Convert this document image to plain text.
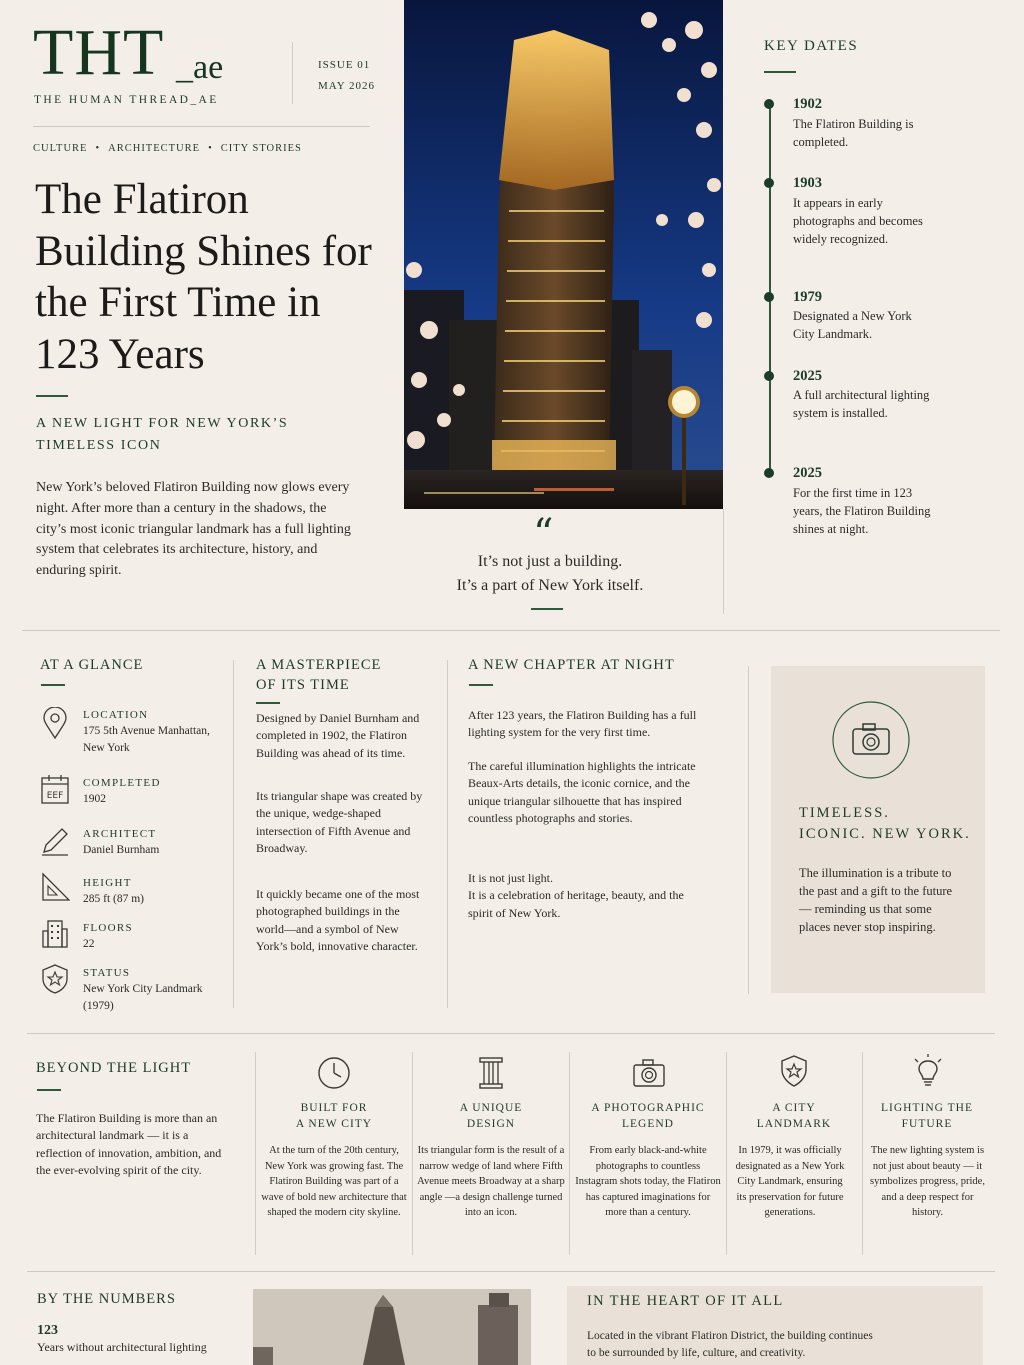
THT _ae
THE HUMAN THREAD_AE
ISSUE 01
MAY 2026
CULTURE • ARCHITECTURE • CITY STORIES
The Flatiron Building Shines for the First Time in 123 Years
A NEW LIGHT FOR NEW YORK’S TIMELESS ICON
New York’s beloved Flatiron Building now glows every night. After more than a century in the shadows, the city’s most iconic triangular landmark has a full lighting system that celebrates its architecture, history, and enduring spirit.
“
It’s not just a building.
It’s a part of New York itself.
KEY DATES
1902
The Flatiron Building is completed.
1903
It appears in early photographs and becomes widely recognized.
1979
Designated a New York City Landmark.
2025
A full architectural lighting system is installed.
2025
For the first time in 123 years, the Flatiron Building shines at night.
AT A GLANCE
LOCATION
175 5th Avenue Manhattan, New York
EEF
COMPLETED
1902
ARCHITECT
Daniel Burnham
HEIGHT
285 ft (87 m)
FLOORS
22
STATUS
New York City Landmark (1979)
A MASTERPIECE
OF ITS TIME
Designed by Daniel Burnham and completed in 1902, the Flatiron Building was ahead of its time.
Its triangular shape was created by the unique, wedge-shaped intersection of Fifth Avenue and Broadway.
It quickly became one of the most photographed buildings in the world—and a symbol of New York’s bold, innovative character.
A NEW CHAPTER AT NIGHT
After 123 years, the Flatiron Building has a full lighting system for the very first time.
The careful illumination highlights the intricate Beaux-Arts details, the iconic cornice, and the unique triangular silhouette that has inspired countless photographs and stories.
It is not just light.
It is a celebration of heritage, beauty, and the spirit of New York.
TIMELESS.
ICONIC. NEW YORK.
The illumination is a tribute to the past and a gift to the future — reminding us that some places never stop inspiring.
BEYOND THE LIGHT
The Flatiron Building is more than an architectural landmark — it is a reflection of innovation, ambition, and the ever-evolving spirit of the city.
BUILT FOR
A NEW CITY
At the turn of the 20th century, New York was growing fast. The Flatiron Building was part of a wave of bold new architecture that shaped the modern city skyline.
A UNIQUE
DESIGN
Its triangular form is the result of a narrow wedge of land where Fifth Avenue meets Broadway at a sharp angle —a design challenge turned into an icon.
A PHOTOGRAPHIC
LEGEND
From early black-and-white photographs to countless Instagram shots today, the Flatiron has captured imaginations for more than a century.
A CITY
LANDMARK
In 1979, it was officially designated as a New York City Landmark, ensuring its preservation for future generations.
LIGHTING THE
FUTURE
The new lighting system is not just about beauty — it symbolizes progress, pride, and a deep respect for history.
BY THE NUMBERS
123
Years without architectural lighting
IN THE HEART OF IT ALL
Located in the vibrant Flatiron District, the building continues to be surrounded by life, culture, and creativity.
